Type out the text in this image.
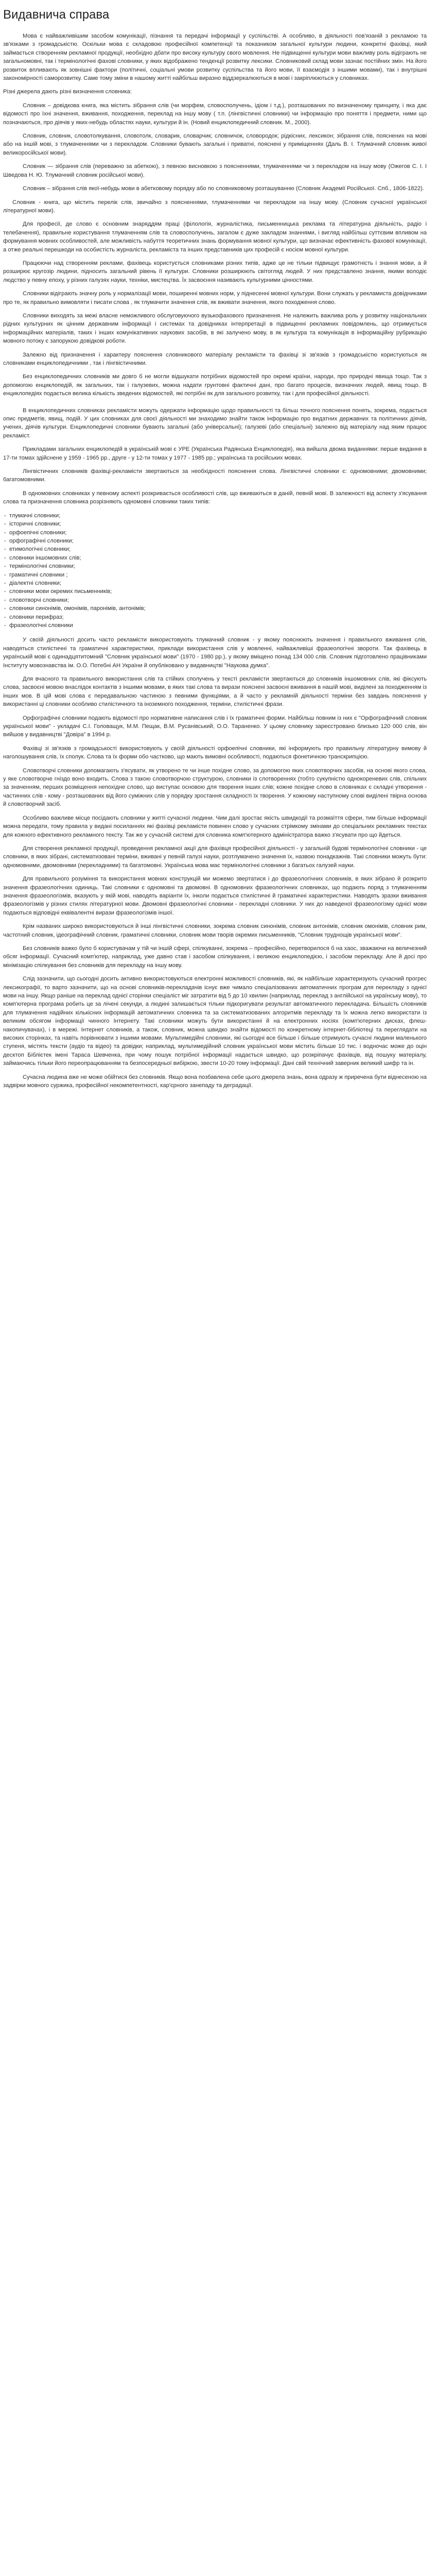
Видавнича справа

Мова є найважливішим засобом комунікації, пізнання та передачі інформації у суспільстві. А особливо, в діяльності пов'язаній з рекламою та зв'язками з громадськістю. Оскільки мова є складовою професійної компетенції та показником загальної культури людини, конкретні фахівці, який займається створенням рекламної продукції, необхідно дбати про високу культуру свого мовлення. Не підвищенні культури мови важливу роль відіграють не загальномовні, так і термінологічні фахові словники, у яких відображено тенденції розвитку лексики. Словниковий склад мови зазнає постійних змін. На його розвиток впливають як зовнішні фактори (політичні, соціальні умови розвитку суспільства та його мови, її взаємодія з іншими мовами), так і внутрішні закономірності саморозвитку. Саме тому зміни в нашому житті найбільш виразно віддзеркалюються в мові і закріплюються у словниках.

Різні джерела дають різні визначення словника:

Словник – довідкова книга, яка містить зібрання слів (чи морфем, словосполучень, ідіом і т.д.), розташованих по визначеному принципу, і яка дає відомості про їхні значення, вживання, походження, переклад на іншу мову ( т.п. (лінгвістичні словники) чи інформацію про поняття і предмети, ними що позначаються, про діячів у яких-небудь областях науки, культури й ін. (Новий енциклопедичний словник. М., 2000).

Словник, словник, словотолкування, словотолк, словарик, словарчик; словничок, словородок; рідкісних, лексикон; зібрання слів, пояснених на мові або на іншій мові, з тлумаченнями чи з перекладом. Словники бувають загальні і приватні, пояснені у приміщеннях (Даль В. І. Тлумачний словник живої великоросійської мови).

Словник — зібрання слів (переважно за абеткою), з певною висновкою з поясненнями, тлумаченнями чи з перекладом на іншу мову (Ожегов С. І. І Шведова Н. Ю. Тлумачний словник російської мови).

Словник – зібрання слів якої-небудь мови в абетковому порядку або по словниковому розташуванню (Словник Академії Російської. Спб., 1806-1822).

Словник - книга, що містить перелік слів, звичайно з поясненнями, тлумаченнями чи перекладом на іншу мову. (Словник сучасної української літературної мови).

Для професії, де слово є основним знаряддям праці (філологія, журналістика, письменницька реклама та літературна діяльність, радіо і телебачення), правильне користування тлумаченням слів та словосполучень, загалом є дуже закладом знаннями, і вигляд найбільш суттєвим впливом на формування мовних особливостей, але можливість набуття теоретичних знань формування мовної культури, що визначає ефективність фахової комунікації, а отже реальні перешкоди на особистість журналіста, рекламіста та інших представників цих професій є носієм мовної культури.

Працюючи над створенням реклами, фахівець користується словниками різних типів, адже це не тільки підвищує грамотність і знання мови, а й розширює кругозір людини, підносить загальний рівень її культури. Словники розширюють світогляд людей. У них представлено знання, якими володіє людство у певну епоху, у різних галузях науки, техніки, мистецтва. Їх засвоєння називають культурними цінностями.

Словники відіграють значну роль у нормалізації мови, поширенні мовних норм, у піднесенні мовної культури. Вони служать у рекламиста довідниками про те, як правильно вимовляти і писати слова , як тлумачити значення слів, як вживати значення, якого походження слово.

Словники виходять за межі власне неможливого обслуговуючого вузькофахового призначення. Не належить важлива роль у розвитку національних рідних культурних як цінним державним інформації і системах та довідниках інтерпретації в підвищенні рекламних повідомлень, що отримується інформаційних матеріалів, таких і інших комунікативних наукових засобів, в які залучено мову, в як культура та комунікація в інформаційну рубрикацію мовного потоку є запорукою довідкові роботи.

Залежно від призначення і характеру пояснення словникового матеріалу рекламісти та фахівці зі зв'язків з громадськістю користуються як словниками енциклопедичними , так і лінгвістичними.

Без енциклопедичних словників ми довго б не могли відшукати потрібних відомостей про окремі країни, народи, про природні явища тощо. Так з допомогою енциклопедій, як загальних, так і галузевих, можна надати грунтовні фактичні дані, про багато процесів, визначних людей, явищ тощо. В енциклопедіях подається велика кількість зведених відомостей, які потрібні як для загального розвитку, так і для професійної діяльності.

В енциклопедичних словниках рекламісти можуть одержати інформацію щодо правильності та більш точного пояснення понять, зокрема, подається опис предметів, явищ, подій. У цих словниках для своєї діяльності ми знаходимо знайти також інформацію про видатних державних та політичних діячів, учених, діячів культури. Енциклопедичні словники бувають загальні (або універсальні); галузеві (або спеціальні) залежно від матеріалу над яким працює рекламіст.

Прикладами загальних енциклопедій в українській мові є УРЕ (Українська Радянська Енциклопедія), яка вийшла двома виданнями: перше видання в 17-ти томах здійснене у 1959 - 1965 рр., друге - у 12-ти томах у 1977 - 1985 рр.; українська та російських мовах.

Лінгвістичних словників фахівці-рекламісти звертаються за необхідності пояснення слова. Лінгвістичні словники є: одномовними; двомовними; багатомовними.

В одномовних словниках у певному аспекті розкривається особливості слів, що вживаються в даній, певній мові. В залежності від аспекту з'ясування слова та призначення словника розрізняють одномовні словники таких типів:

- тлумачні словники;
- історичні словники;
- орфоепічні словники;
- орфографічні словники;
- етимологічні словники;
- словники іншомовних слів;
- термінологічні словники;
- граматичні словники ;
- діалектні словники;
- словники мови окремих письменників;
- словотворчі словники;
- словники синонімів, омонімів, паронімів, антонімів;
- словники перифраз;
- фразеологічні словники

У своїй діяльності досить часто рекламісти використовують тлумачний словник - у якому пояснюють значення і правильного вживання слів, наводяться стилістичні та граматичні характеристики, приклади використання слів у мовленні, найважливіші фразеологічні звороти. Так фахівець в українській мові є одинадцятитомний "Словник української мови" (1970 - 1980 рр.), у якому вміщено понад 134 000 слів. Словник підготовлено працівниками Інституту мовознавства ім. О.О. Потебні АН України й опубліковано у видавництві "Наукова думка".

Для вчасного та правильного використання слів та стійких сполучень у тексті рекламісти звертаються до словників іншомовних слів, які фіксують слова, засвоєні мовою внаслідок контактів з іншими мовами, в яких такі слова та вирази пояснені засвоєні вживання в нашій мові, виділені за походженням із інших мов. В цій мові слова є передавальною частиною з певними функціями, а й часто у рекламній діяльності терміни без завдань пояснення у використанні ці словники особливо стилістичного та іноземного походження, терміни, стилістичні фрази.

Орфографічні словники подають відомості про нормативне написання слів і їх граматичні форми. Найбільш повним із них є "Орфографічний словник української мови" - укладачі С.І. Головащук, М.М. Пещак, В.М. Русанівський, О.О. Тараненко. У цьому словнику зареєстровано близько 120 000 слів, він вийшов у видавництві "Довіра" в 1994 р.

Фахівці зі зв'язків з громадськості використовують у своїй діяльності орфоепічні словники, які інформують про правильну літературну вимову й наголошування слів, їх сполук. Слова та їх форми обо частково, що мають вимовні особливості, подаються фонетичною транскрипцією.

Словотворчі словники допомагають з'ясувати, як утворено те чи інше похідне слово, за допомогою яких словотворчих засобів, на основі якого слова, у яке словотворче гніздо воно входить. Слова з такою словотворчою структурою, словники із слотвореннях (тобто сукупністю однокореневих слів, спільних за значенням, перших розміщення непохідне слово, що виступає основою для творення інших слів; кожне похідне слово в словниках є складні утворення - частинних слів - кому - розташованих від його суміжних слів у порядку зростання складності їх творення. У кожному наступному слові виділені твірна основа й словотворчий засіб.

Особливо важливе місце посідають словники у житті сучасної людини. Чим далі зростає якість швидкодії та розмаїття сфери, тим більше інформації можна передати, тому правила у видані посиланнях які фахівці рекламісти повинен слово у сучасних стрімкому змінами до спеціальних рекламних текстах для кожного ефективного рекламного тексту. Так же у сучасній системі для словника комп'ютерного адміністратора важко з'ясувати про що йдеться.

Для створення рекламної продукції, проведення рекламної акції для фахівця професійної діяльності - у загальній будові термінологічні словники - це словники, в яких зібрані, систематизовані терміни, вживані у певній галузі науки, розтлумачено значення їх, назвою понадкажнів. Такі словники можуть бути: одномовними, двомовними (перекладними) та багатомовні. Українська мова має термінологічні словники з багатьох галузей науки.

Для правильного розуміння та використання мовних конструкцій ми можемо звертатися і до фразеологічних словників, в яких зібрано й розкрито значення фразеологічних одиниць. Такі словники є одномовні та двомовні. В одномовних фразеологічних словниках, що подають поряд з тлумаченням значення фразеологізмів, вказують у якій мові, наводять варіанти їх, інколи подається стилістичні й граматичні характеристики. Наводять зразки вживання фразеологізмів у різних стилях літературної мови. Двомовні фразеологічні словники - перекладні словники. У них до наведеної фразеологізму однієї мови подаються відповідні еквівалентні вирази фразеологізмів іншої.

Крім названих широко використовуються й інші лінгвістичні словники, зокрема словник синонімів, словник антонімів, словник омонімів, словник рим, частотний словник, ідеографічний словник, граматичні словники, словник мови творів окремих письменників, "Словник труднощів української мови".

Без словників важко було б користувачам у тій чи іншій сфері, спілкуванні, зокрема – професійно, перетворилося б на хаос, зважаючи на величезний обсяг інформації. Сучасний комп'ютер, наприклад, уже давно став і засобом спілкування, і великою енциклопедією, і засобом перекладу. Але й досі про мінімізацію спілкування без словників для перекладу на іншу мову.

Слід зазначити, що сьогодні досить активно використовуються електронні можливості словників, які, як найбільше характеризують сучасний прогрес лексикографії, то варто зазначити, що на основі словників-перекладачів існує вже чимало спеціалізованих автоматичних програм для перекладу з однієї мови на іншу. Якщо раніше на переклад однієї сторінки спеціаліст міг затратити від 5 до 10 хвилин (наприклад, переклад з англійської на українську мову), то комп'ютерна програма робить це за лічені секунди, а людині залишається тільки підкоригувати результат автоматичного перекладача. Більшість словників для тлумачення надійних кількісних інформацій автоматичних словника та за систематизованих алгоритмів перекладу та їх можна легко використати із великим обсягом інформації чинного Інтернету. Такі словники можуть бути використанні й на електронних носіях (комп'ютерних дисках, флеш-накопичувачах), і в мережі. Інтернет словників, а також, словник, можна швидко знайти відомості по конкретному інтернет-бібліотеці та переглядати на високих сторінках, та навіть порівнювати з іншими мовами. Мультимедійні словники, які сьогодні все більше і більше отримують сучасні людини маленького ступеня, містять тексти (аудіо та відео) та довідки; наприклад, мультимедійний словник української мови містить більше 10 тис. і водночас може до оцін десктоп Біблієтек імені Тараса Шевченка, при чому пошук потрібної інформації надається швидко, що розкріпачує фахівців, від пошуку матеріалу, займаючись тільки його переопрацюванням та безпосередньої вибіркою, звести 10-20 тому інформації. Дані свій технічний заверник великий шифр та ін.

Сучасна людина вже не може обійтися без словників. Якщо вона позбавлена себе цього джерела знань, вона одразу ж приречена бути віднесеною на задвірки мовного суржика, професійної некомпетентності, кар'єрного занепаду та деградації.
